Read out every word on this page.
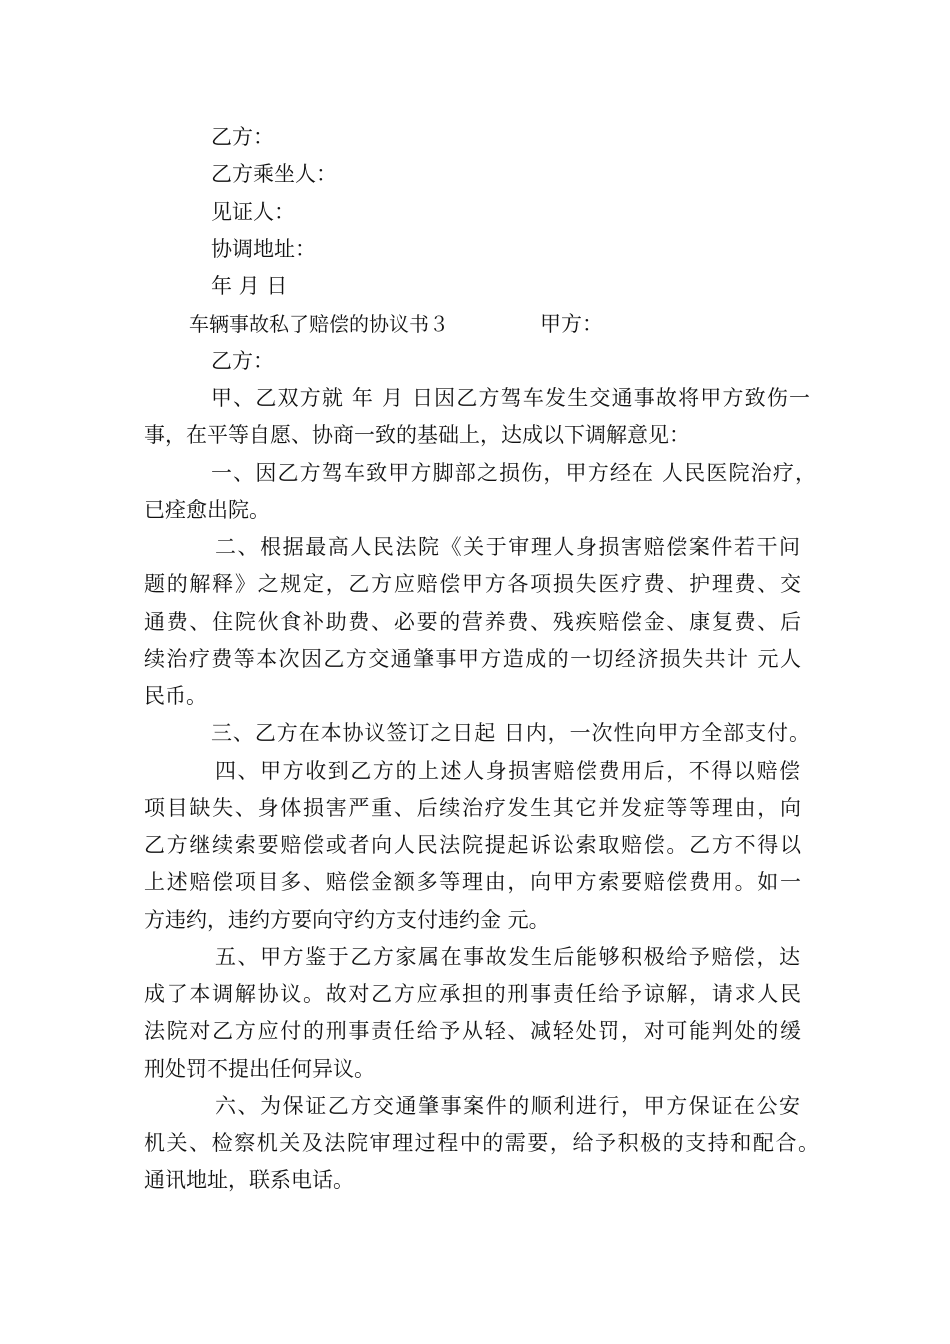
乙方：
乙方乘坐人：
见证人：
协调地址：
年 月 日
车辆事故私了赔偿的协议书３	甲方：
乙方：
甲、乙双方就 年 月 日因乙方驾车发生交通事故将甲方致伤一
事，在平等自愿、协商一致的基础上，达成以下调解意见：
一、因乙方驾车致甲方脚部之损伤，甲方经在 人民医院治疗，
已痊愈出院。
二、根据最高人民法院《关于审理人身损害赔偿案件若干问
题的解释》之规定，乙方应赔偿甲方各项损失医疗费、护理费、交
通费、住院伙食补助费、必要的营养费、残疾赔偿金、康复费、后
续治疗费等本次因乙方交通肇事甲方造成的一切经济损失共计 元人
民币。
三、乙方在本协议签订之日起 日内，一次性向甲方全部支付。
四、甲方收到乙方的上述人身损害赔偿费用后，不得以赔偿
项目缺失、身体损害严重、后续治疗发生其它并发症等等理由，向
乙方继续索要赔偿或者向人民法院提起诉讼索取赔偿。乙方不得以
上述赔偿项目多、赔偿金额多等理由，向甲方索要赔偿费用。如一
方违约，违约方要向守约方支付违约金 元。
五、甲方鉴于乙方家属在事故发生后能够积极给予赔偿，达
成了本调解协议。故对乙方应承担的刑事责任给予谅解，请求人民
法院对乙方应付的刑事责任给予从轻、减轻处罚，对可能判处的缓
刑处罚不提出任何异议。
六、为保证乙方交通肇事案件的顺利进行，甲方保证在公安
机关、检察机关及法院审理过程中的需要，给予积极的支持和配合。
通讯地址，联系电话。
